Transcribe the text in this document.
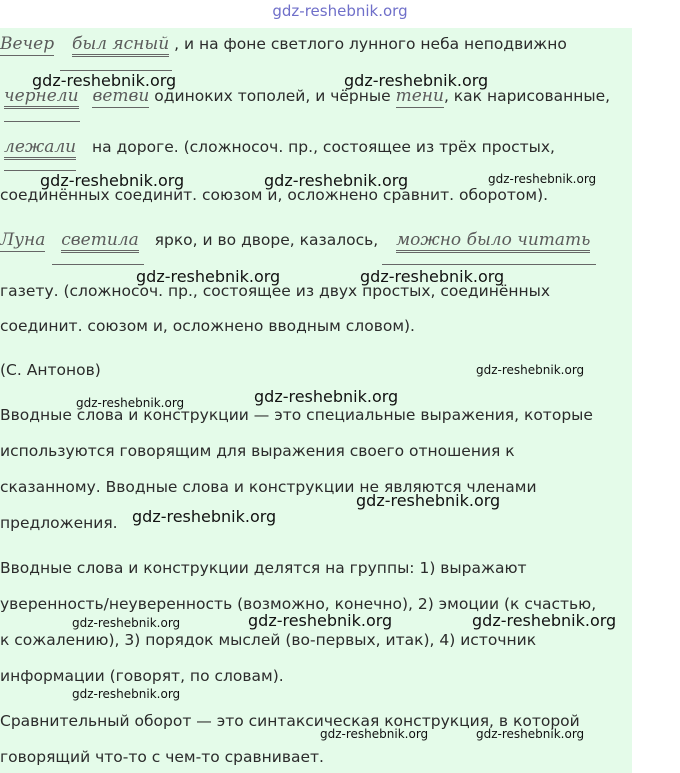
gdz-reshebnik.org
Вечер был ясный , и на фоне светлого лунного неба неподвижно
чернели ветви одиноких тополей, и чёрные тени, как нарисованные,
лежали на дороге. (сложносоч. пр., состоящее из трёх простых,
соединённых соединит. союзом и, осложнено сравнит. оборотом).
Луна светила ярко, и во дворе, казалось, можно было читать
газету. (сложносоч. пр., состоящее из двух простых, соединённых
соединит. союзом и, осложнено вводным словом).
(С. Антонов)
Вводные слова и конструкции — это специальные выражения, которые
используются говорящим для выражения своего отношения к
сказанному. Вводные слова и конструкции не являются членами
предложения.
Вводные слова и конструкции делятся на группы: 1) выражают
уверенность/неуверенность (возможно, конечно), 2) эмоции (к счастью,
к сожалению), 3) порядок мыслей (во-первых, итак), 4) источник
информации (говорят, по словам).
Сравнительный оборот — это синтаксическая конструкция, в которой
говорящий что-то с чем-то сравнивает.
gdz-reshebnik.org	gdz-reshebnik.org
gdz-reshebnik.org	gdz-reshebnik.org	gdz-reshebnik.org
gdz-reshebnik.org	gdz-reshebnik.org
gdz-reshebnik.org
gdz-reshebnik.org	gdz-reshebnik.org
gdz-reshebnik.org
gdz-reshebnik.org
gdz-reshebnik.org	gdz-reshebnik.org	gdz-reshebnik.org
gdz-reshebnik.org
gdz-reshebnik.org	gdz-reshebnik.org
